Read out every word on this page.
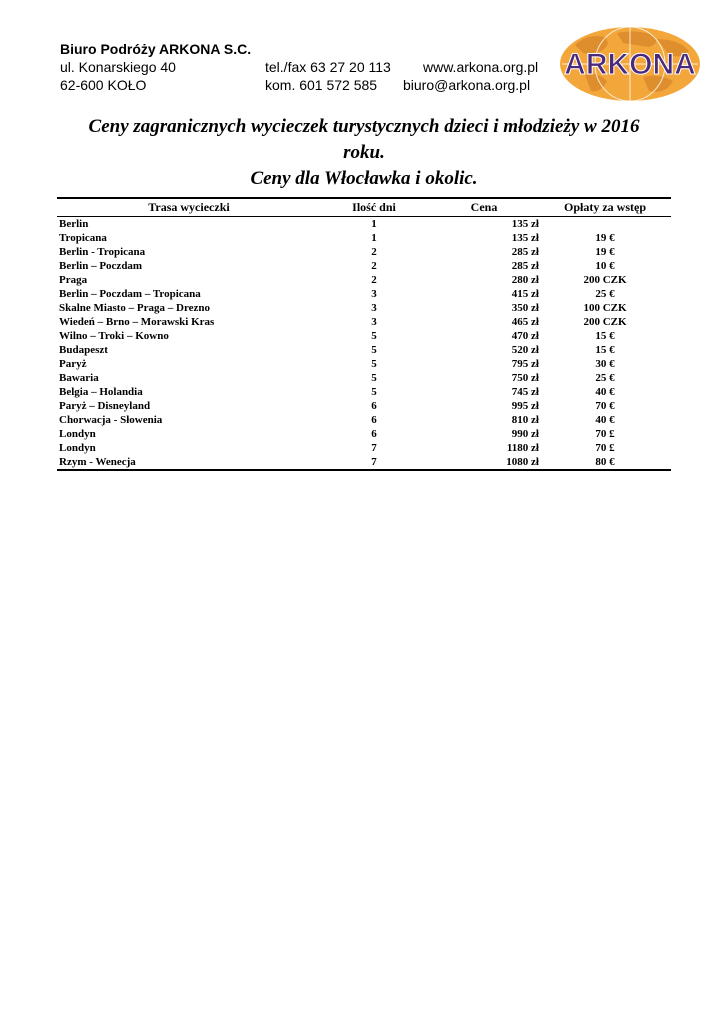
Biuro Podróży ARKONA S.C.
ul. Konarskiego 40	tel./fax 63 27 20 113 www.arkona.org.pl
62-600 KOŁO	kom. 601 572 585 biuro@arkona.org.pl
ARKONA
Ceny zagranicznych wycieczek turystycznych dzieci i młodzieży w 2016
roku.
Ceny dla Włocławka i okolic.
Trasa wycieczki	Ilość dni	Cena	Opłaty za wstęp
Berlin	1	135 zł	
Tropicana	1	135 zł	19 €
Berlin - Tropicana	2	285 zł	19 €
Berlin – Poczdam	2	285 zł	10 €
Praga	2	280 zł	200 CZK
Berlin – Poczdam – Tropicana	3	415 zł	25 €
Skalne Miasto – Praga – Drezno	3	350 zł	100 CZK
Wiedeń – Brno – Morawski Kras	3	465 zł	200 CZK
Wilno – Troki – Kowno	5	470 zł	15 €
Budapeszt	5	520 zł	15 €
Paryż	5	795 zł	30 €
Bawaria	5	750 zł	25 €
Belgia – Holandia	5	745 zł	40 €
Paryż – Disneyland	6	995 zł	70 €
Chorwacja - Słowenia	6	810 zł	40 €
Londyn	6	990 zł	70 £
Londyn	7	1180 zł	70 £
Rzym - Wenecja	7	1080 zł	80 €
